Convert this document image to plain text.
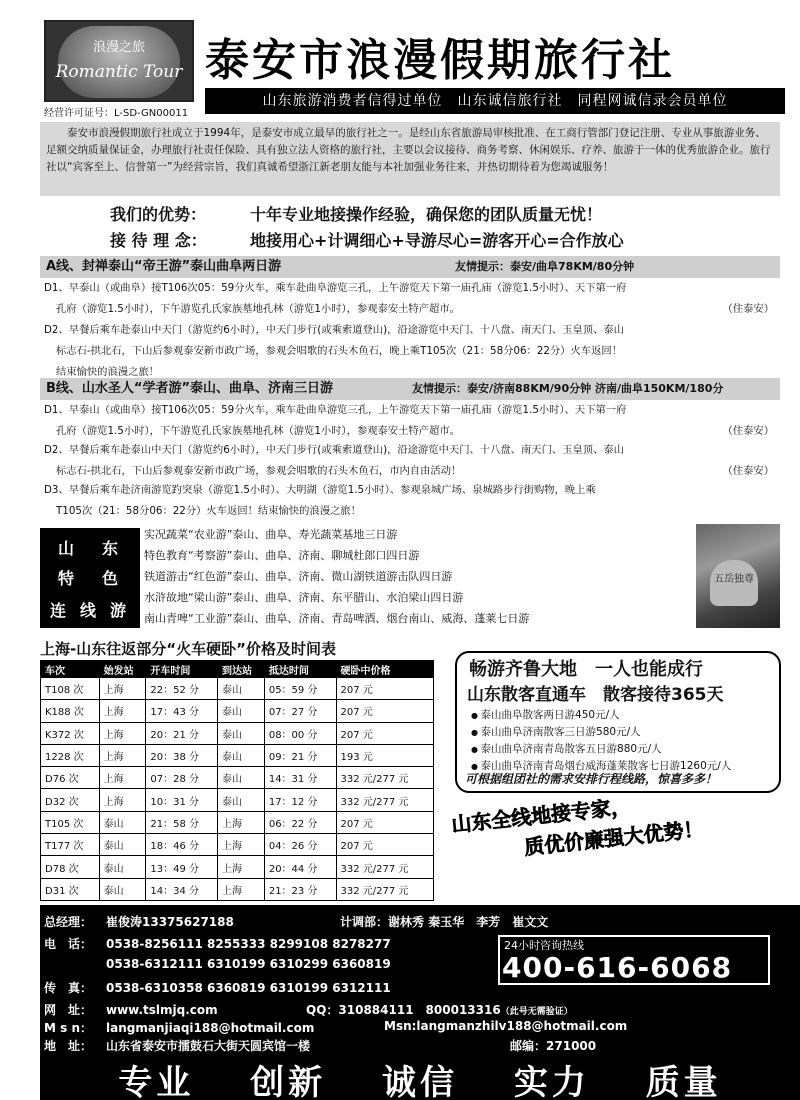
浪漫之旅
Romantic Tour
经营许可证号：L-SD-GN00011
泰安市浪漫假期旅行社
山东旅游消费者信得过单位　山东诚信旅行社　同程网诚信录会员单位
泰安市浪漫假期旅行社成立于1994年，是泰安市成立最早的旅行社之一。是经山东省旅游局审核批准、在工商行管部门登记注册、专业从事旅游业务、足额交纳质量保证金，办理旅行社责任保险、具有独立法人资格的旅行社，主要以会议接待、商务考察、休闲娱乐、疗养、旅游于一体的优秀旅游企业。旅行社以“宾客至上、信誉第一”为经营宗旨，我们真诚希望浙江新老朋友能与本社加强业务往来，并热切期待着为您竭诚服务！
我们的优势：	十年专业地接操作经验，确保您的团队质量无忧！
接 待 理 念：	地接用心+计调细心+导游尽心=游客开心=合作放心
A线、封禅泰山“帝王游”泰山曲阜两日游	友情提示：泰安/曲阜78KM/80分钟
D1、早泰山（或曲阜）接T106次05：59分火车，乘车赴曲阜游览三孔，上午游览天下第一庙孔庙（游览1.5小时）、天下第一府
孔府（游览1.5小时），下午游览孔氏家族墓地孔林（游览1小时），参观泰安土特产超市。	（住泰安）
D2、早餐后乘车赴泰山中天门（游览约6小时），中天门步行(或乘索道登山)，沿途游览中天门、十八盘、南天门、玉皇顶、泰山
标志石-拱北石，下山后参观泰安新市政广场，参观会唱歌的石头木鱼石，晚上乘T105次（21：58分06：22分）火车返回！
结束愉快的浪漫之旅！
B线、山水圣人“学者游”泰山、曲阜、济南三日游	友情提示：泰安/济南88KM/90分钟 济南/曲阜150KM/180分
D1、早泰山（或曲阜）接T106次05：59分火车，乘车赴曲阜游览三孔，上午游览天下第一庙孔庙（游览1.5小时）、天下第一府
孔府（游览1.5小时），下午游览孔氏家族墓地孔林（游览1小时），参观泰安土特产超市。	（住泰安）
D2、早餐后乘车赴泰山中天门（游览约6小时），中天门步行(或乘索道登山)，沿途游览中天门、十八盘、南天门、玉皇顶、泰山
标志石-拱北石，下山后参观泰安新市政广场，参观会唱歌的石头木鱼石，市内自由活动！	（住泰安）
D3、早餐后乘车赴济南游览趵突泉（游览1.5小时）、大明湖（游览1.5小时）、参观泉城广场、泉城路步行街购物，晚上乘
T105次（21：58分06：22分）火车返回！结束愉快的浪漫之旅！
山 东
特 色
连 线 游
实况蔬菜“农业游”泰山、曲阜、寿光蔬菜基地三日游
特色教育“考察游”泰山、曲阜、济南、聊城杜郎口四日游
铁道游击“红色游”泰山、曲阜、济南、微山湖铁道游击队四日游
水浒故地“梁山游”泰山、曲阜、济南、东平腊山、水泊梁山四日游
南山青啤“工业游”泰山、曲阜、济南、青岛啤酒、烟台南山、威海、蓬莱七日游
五岳独尊
上海-山东往返部分“火车硬卧”价格及时间表
车次	始发站	开车时间	到达站	抵达时间	硬卧中价格
T108 次	上海	22：52 分	泰山	05：59 分	207 元
K188 次	上海	17：43 分	泰山	07：27 分	207 元
K372 次	上海	20：21 分	泰山	08：00 分	207 元
1228 次	上海	20：38 分	泰山	09：21 分	193 元
D76 次	上海	07：28 分	泰山	14：31 分	332 元/277 元
D32 次	上海	10：31 分	泰山	17：12 分	332 元/277 元
T105 次	泰山	21：58 分	上海	06：22 分	207 元
T177 次	泰山	18：46 分	上海	04：26 分	207 元
D78 次	泰山	13：49 分	上海	20：44 分	332 元/277 元
D31 次	泰山	14：34 分	上海	21：23 分	332 元/277 元
畅游齐鲁大地　一人也能成行
山东散客直通车　散客接待365天
● 泰山曲阜散客两日游450元/人
● 泰山曲阜济南散客三日游580元/人
● 泰山曲阜济南青岛散客五日游880元/人
● 泰山曲阜济南青岛烟台威海蓬莱散客七日游1260元/人
可根据组团社的需求安排行程线路，惊喜多多！
山东全线地接专家，
质优价廉强大优势！
总经理： 崔俊涛13375627188	计调部：谢林秀 秦玉华　李芳　崔文文
电　话： 0538-8256111 8255333 8299108 8278277
0538-6312111 6310199 6310299 6360819
传　真： 0538-6310358 6360819 6310199 6312111
24小时咨询热线
400-616-6068
网　址： www.tslmjq.com	QQ：310884111　800013316（此号无需验证）
M s n： langmanjiaqi188@hotmail.com	Msn:langmanzhilv188@hotmail.com
地　址： 山东省泰安市擂鼓石大街天圆宾馆一楼	邮编：271000
专业 创新 诚信 实力 质量
